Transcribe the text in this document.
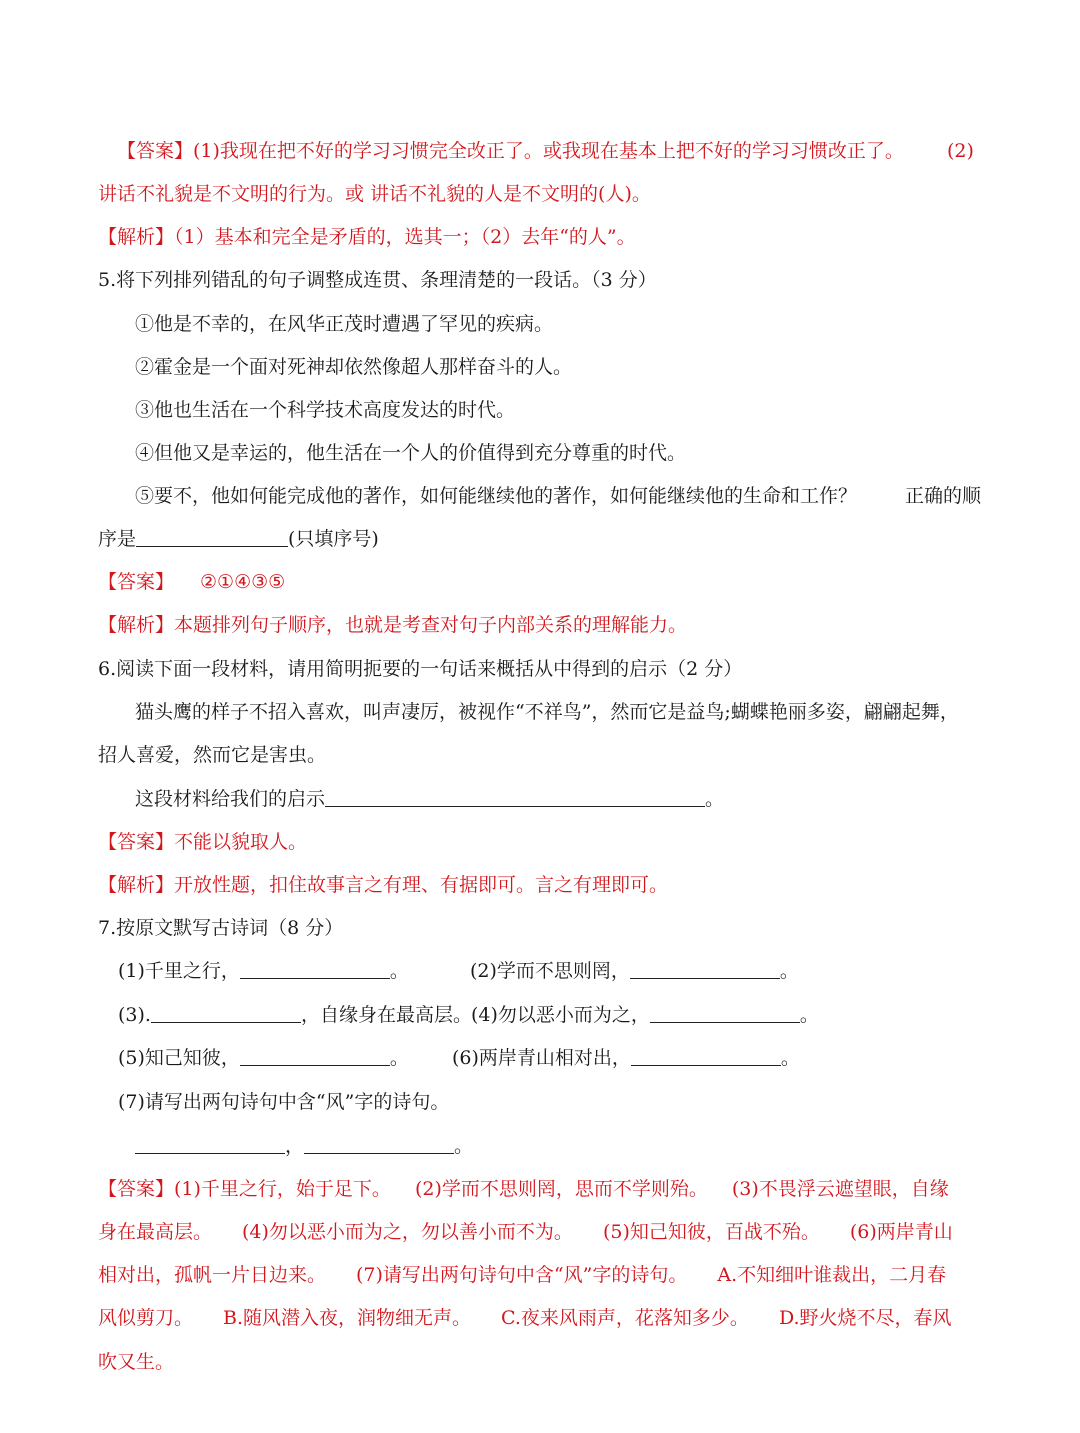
【答案】(1)我现在把不好的学习习惯完全改正了。或我现在基本上把不好的学习习惯改正了。 (2)
讲话不礼貌是不文明的行为。或 讲话不礼貌的人是不文明的(人)。
【解析】（1）基本和完全是矛盾的，选其一；（2）去年“的人”。
5.将下列排列错乱的句子调整成连贯、条理清楚的一段话。（3 分）
①他是不幸的，在风华正茂时遭遇了罕见的疾病。
②霍金是一个面对死神却依然像超人那样奋斗的人。
③他也生活在一个科学技术高度发达的时代。
④但他又是幸运的，他生活在一个人的价值得到充分尊重的时代。
⑤要不，他如何能完成他的著作，如何能继续他的著作，如何能继续他的生命和工作？	正确的顺
序是	(只填序号)
【答案】 ②①④③⑤
【解析】本题排列句子顺序，也就是考查对句子内部关系的理解能力。
6.阅读下面一段材料，请用简明扼要的一句话来概括从中得到的启示（2 分）
猫头鹰的样子不招入喜欢，叫声凄厉，被视作“不祥鸟”，然而它是益鸟;蝴蝶艳丽多姿，翩翩起舞，
招人喜爱，然而它是害虫。
这段材料给我们的启示	。
【答案】不能以貌取人。
【解析】开放性题，扣住故事言之有理、有据即可。言之有理即可。
7.按原文默写古诗词（8 分）
(1)千里之行，	。	(2)学而不思则罔，	。
(3).	，自缘身在最高层。 (4)勿以恶小而为之，	。
(5)知己知彼，	。 (6)两岸青山相对出，	。
(7)请写出两句诗句中含“风”字的诗句。
，	。
【答案】(1)千里之行，始于足下。 (2)学而不思则罔，思而不学则殆。 (3)不畏浮云遮望眼，自缘
身在最高层。 (4)勿以恶小而为之，勿以善小而不为。 (5)知己知彼，百战不殆。 (6)两岸青山
相对出，孤帆一片日边来。 (7)请写出两句诗句中含“风”字的诗句。 A.不知细叶谁裁出，二月春
风似剪刀。 B.随风潜入夜，润物细无声。 C.夜来风雨声，花落知多少。 D.野火烧不尽，春风
吹又生。
